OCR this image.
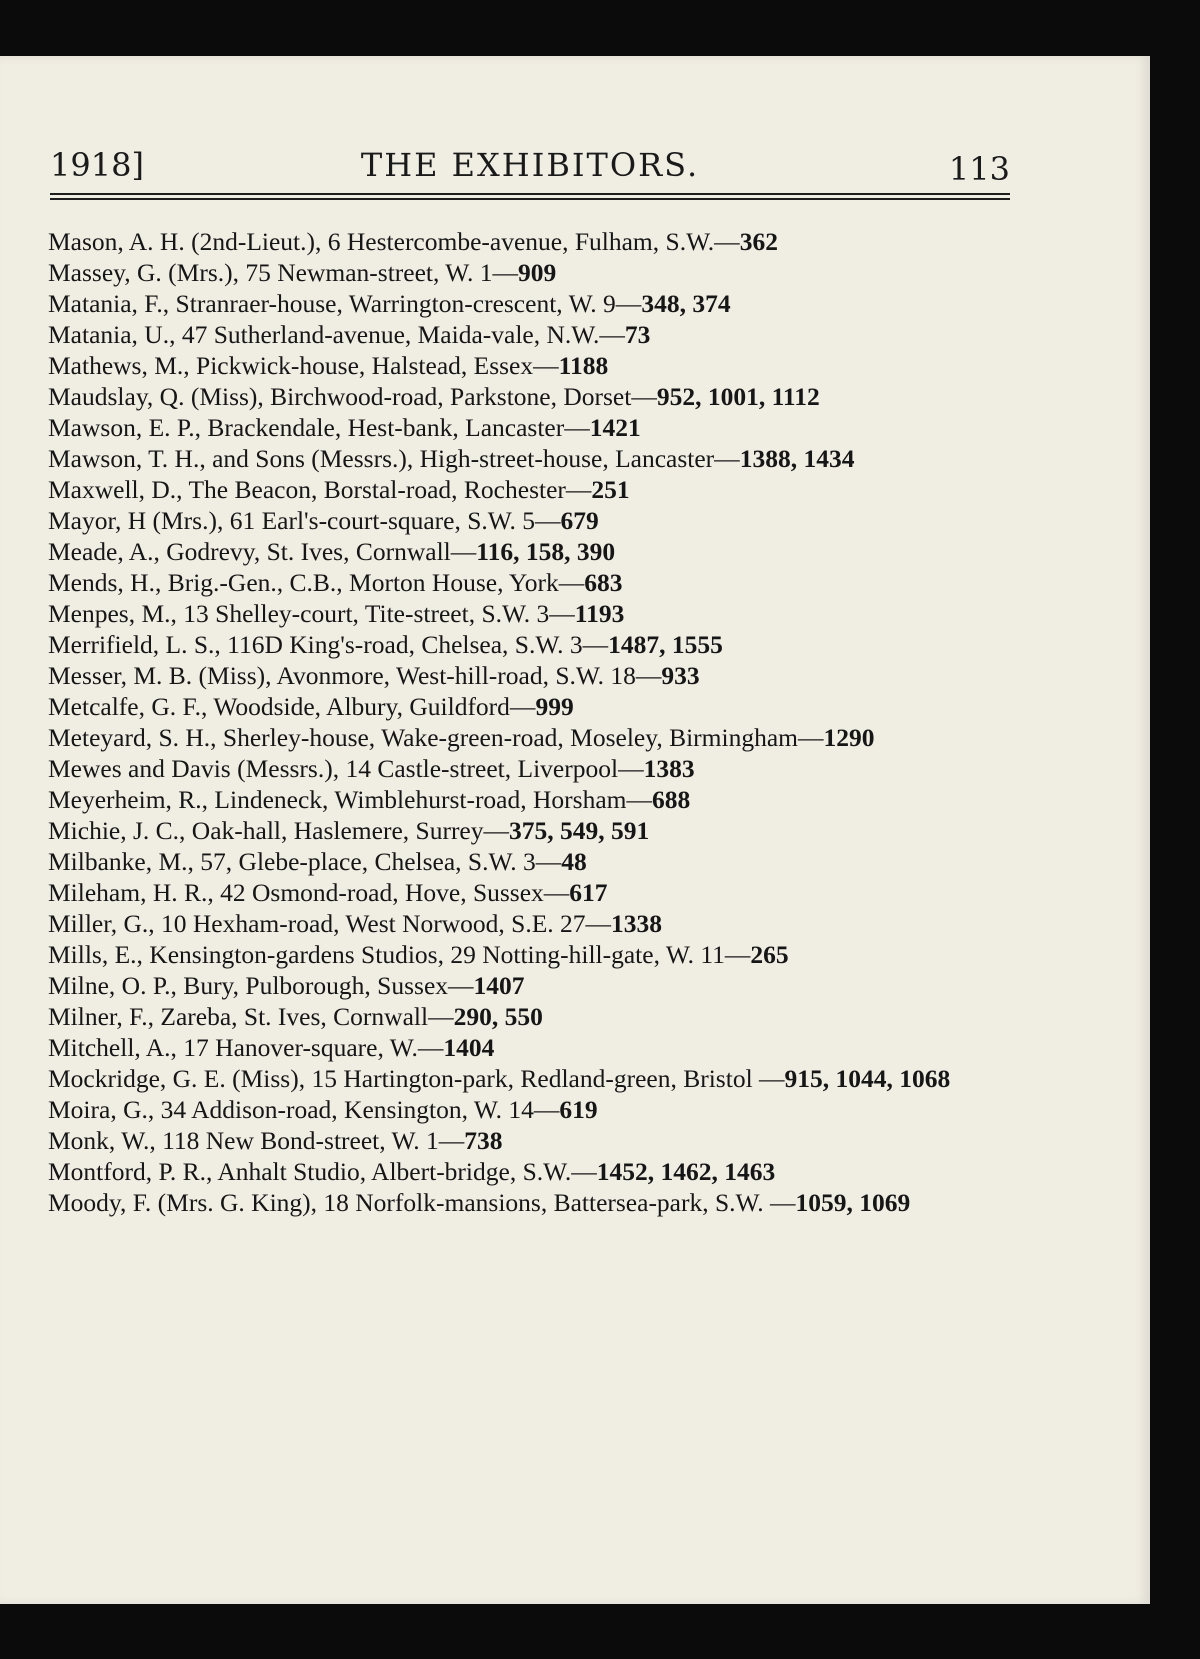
1918]	THE EXHIBITORS.	113
Mason, A. H. (2nd-Lieut.), 6 Hestercombe-avenue, Fulham, S.W.—362
Massey, G. (Mrs.), 75 Newman-street, W. 1—909
Matania, F., Stranraer-house, Warrington-crescent, W. 9—348, 374
Matania, U., 47 Sutherland-avenue, Maida-vale, N.W.—73
Mathews, M., Pickwick-house, Halstead, Essex—1188
Maudslay, Q. (Miss), Birchwood-road, Parkstone, Dorset—952, 1001, 1112
Mawson, E. P., Brackendale, Hest-bank, Lancaster—1421
Mawson, T. H., and Sons (Messrs.), High-street-house, Lancaster—1388, 1434
Maxwell, D., The Beacon, Borstal-road, Rochester—251
Mayor, H (Mrs.), 61 Earl's-court-square, S.W. 5—679
Meade, A., Godrevy, St. Ives, Cornwall—116, 158, 390
Mends, H., Brig.-Gen., C.B., Morton House, York—683
Menpes, M., 13 Shelley-court, Tite-street, S.W. 3—1193
Merrifield, L. S., 116D King's-road, Chelsea, S.W. 3—1487, 1555
Messer, M. B. (Miss), Avonmore, West-hill-road, S.W. 18—933
Metcalfe, G. F., Woodside, Albury, Guildford—999
Meteyard, S. H., Sherley-house, Wake-green-road, Moseley, Birmingham—1290
Mewes and Davis (Messrs.), 14 Castle-street, Liverpool—1383
Meyerheim, R., Lindeneck, Wimblehurst-road, Horsham—688
Michie, J. C., Oak-hall, Haslemere, Surrey—375, 549, 591
Milbanke, M., 57, Glebe-place, Chelsea, S.W. 3—48
Mileham, H. R., 42 Osmond-road, Hove, Sussex—617
Miller, G., 10 Hexham-road, West Norwood, S.E. 27—1338
Mills, E., Kensington-gardens Studios, 29 Notting-hill-gate, W. 11—265
Milne, O. P., Bury, Pulborough, Sussex—1407
Milner, F., Zareba, St. Ives, Cornwall—290, 550
Mitchell, A., 17 Hanover-square, W.—1404
Mockridge, G. E. (Miss), 15 Hartington-park, Redland-green, Bristol —915, 1044, 1068
Moira, G., 34 Addison-road, Kensington, W. 14—619
Monk, W., 118 New Bond-street, W. 1—738
Montford, P. R., Anhalt Studio, Albert-bridge, S.W.—1452, 1462, 1463
Moody, F. (Mrs. G. King), 18 Norfolk-mansions, Battersea-park, S.W. —1059, 1069
